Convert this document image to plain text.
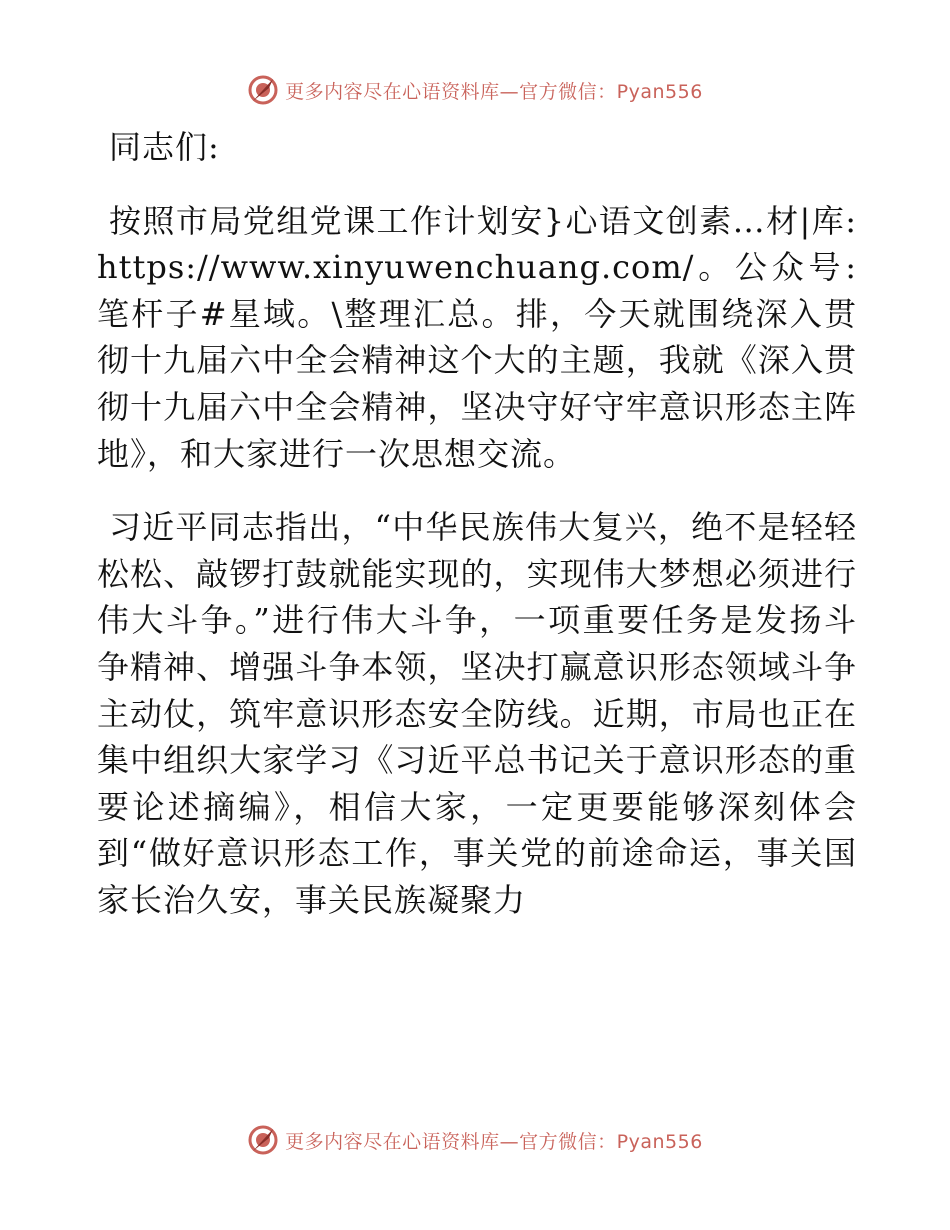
更多内容尽在心语资料库—官方微信：Pyan556

同志们:

按照市局党组党课工作计划安}心语文创素…材|库: https://www.xinyuwenchuang.com/。公众号: 笔杆子#星域。\整理汇总。排，今天就围绕深入贯彻十九届六中全会精神这个大的主题，我就《深入贯彻十九届六中全会精神，坚决守好守牢意识形态主阵地》，和大家进行一次思想交流。

习近平同志指出，“中华民族伟大复兴，绝不是轻轻松松、敲锣打鼓就能实现的，实现伟大梦想必须进行伟大斗争。”进行伟大斗争，一项重要任务是发扬斗争精神、增强斗争本领，坚决打赢意识形态领域斗争主动仗，筑牢意识形态安全防线。近期，市局也正在集中组织大家学习《习近平总书记关于意识形态的重要论述摘编》，相信大家，一定更要能够深刻体会到“做好意识形态工作，事关党的前途命运，事关国家长治久安，事关民族凝聚力

更多内容尽在心语资料库—官方微信：Pyan556
